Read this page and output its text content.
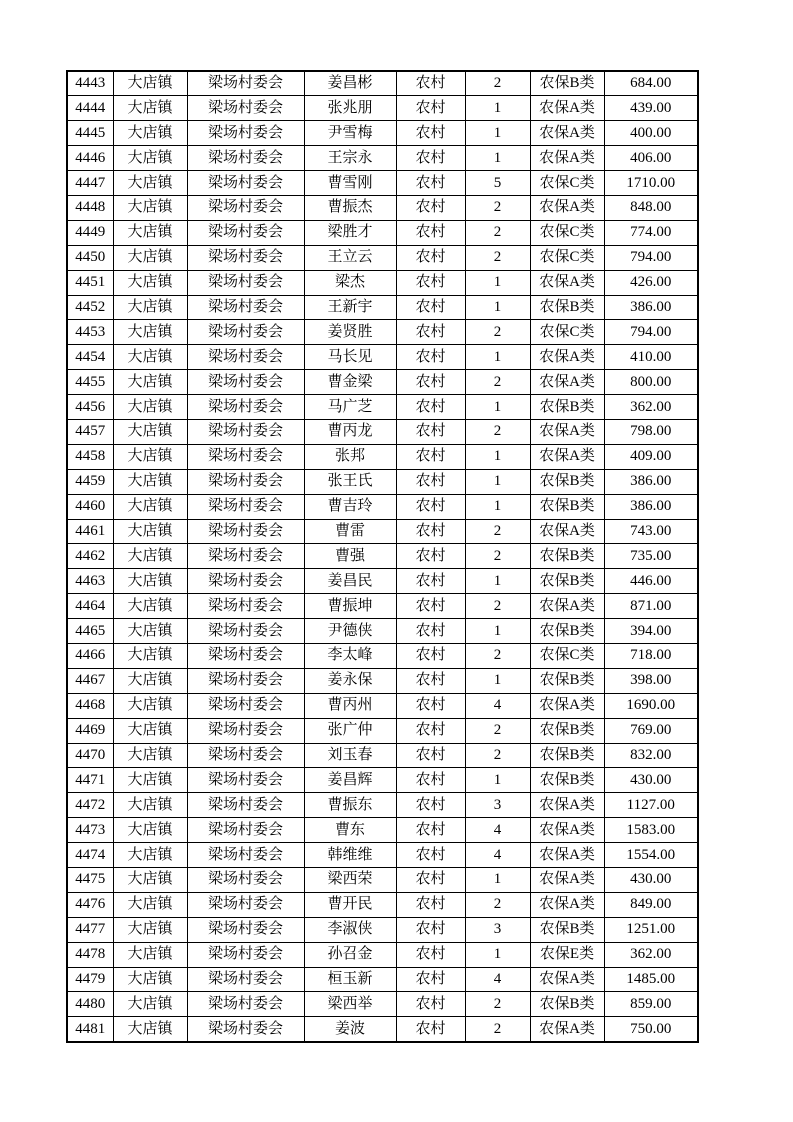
4443	大店镇	梁场村委会	姜昌彬	农村	2	农保B类	684.00
4444	大店镇	梁场村委会	张兆朋	农村	1	农保A类	439.00
4445	大店镇	梁场村委会	尹雪梅	农村	1	农保A类	400.00
4446	大店镇	梁场村委会	王宗永	农村	1	农保A类	406.00
4447	大店镇	梁场村委会	曹雪刚	农村	5	农保C类	1710.00
4448	大店镇	梁场村委会	曹振杰	农村	2	农保A类	848.00
4449	大店镇	梁场村委会	梁胜才	农村	2	农保C类	774.00
4450	大店镇	梁场村委会	王立云	农村	2	农保C类	794.00
4451	大店镇	梁场村委会	梁杰	农村	1	农保A类	426.00
4452	大店镇	梁场村委会	王新宇	农村	1	农保B类	386.00
4453	大店镇	梁场村委会	姜贤胜	农村	2	农保C类	794.00
4454	大店镇	梁场村委会	马长见	农村	1	农保A类	410.00
4455	大店镇	梁场村委会	曹金梁	农村	2	农保A类	800.00
4456	大店镇	梁场村委会	马广芝	农村	1	农保B类	362.00
4457	大店镇	梁场村委会	曹丙龙	农村	2	农保A类	798.00
4458	大店镇	梁场村委会	张邦	农村	1	农保A类	409.00
4459	大店镇	梁场村委会	张王氏	农村	1	农保B类	386.00
4460	大店镇	梁场村委会	曹吉玲	农村	1	农保B类	386.00
4461	大店镇	梁场村委会	曹雷	农村	2	农保A类	743.00
4462	大店镇	梁场村委会	曹强	农村	2	农保B类	735.00
4463	大店镇	梁场村委会	姜昌民	农村	1	农保B类	446.00
4464	大店镇	梁场村委会	曹振坤	农村	2	农保A类	871.00
4465	大店镇	梁场村委会	尹德侠	农村	1	农保B类	394.00
4466	大店镇	梁场村委会	李太峰	农村	2	农保C类	718.00
4467	大店镇	梁场村委会	姜永保	农村	1	农保B类	398.00
4468	大店镇	梁场村委会	曹丙州	农村	4	农保A类	1690.00
4469	大店镇	梁场村委会	张广仲	农村	2	农保B类	769.00
4470	大店镇	梁场村委会	刘玉春	农村	2	农保B类	832.00
4471	大店镇	梁场村委会	姜昌辉	农村	1	农保B类	430.00
4472	大店镇	梁场村委会	曹振东	农村	3	农保A类	1127.00
4473	大店镇	梁场村委会	曹东	农村	4	农保A类	1583.00
4474	大店镇	梁场村委会	韩维维	农村	4	农保A类	1554.00
4475	大店镇	梁场村委会	梁西荣	农村	1	农保A类	430.00
4476	大店镇	梁场村委会	曹开民	农村	2	农保A类	849.00
4477	大店镇	梁场村委会	李淑侠	农村	3	农保B类	1251.00
4478	大店镇	梁场村委会	孙召金	农村	1	农保E类	362.00
4479	大店镇	梁场村委会	桓玉新	农村	4	农保A类	1485.00
4480	大店镇	梁场村委会	梁西举	农村	2	农保B类	859.00
4481	大店镇	梁场村委会	姜波	农村	2	农保A类	750.00
